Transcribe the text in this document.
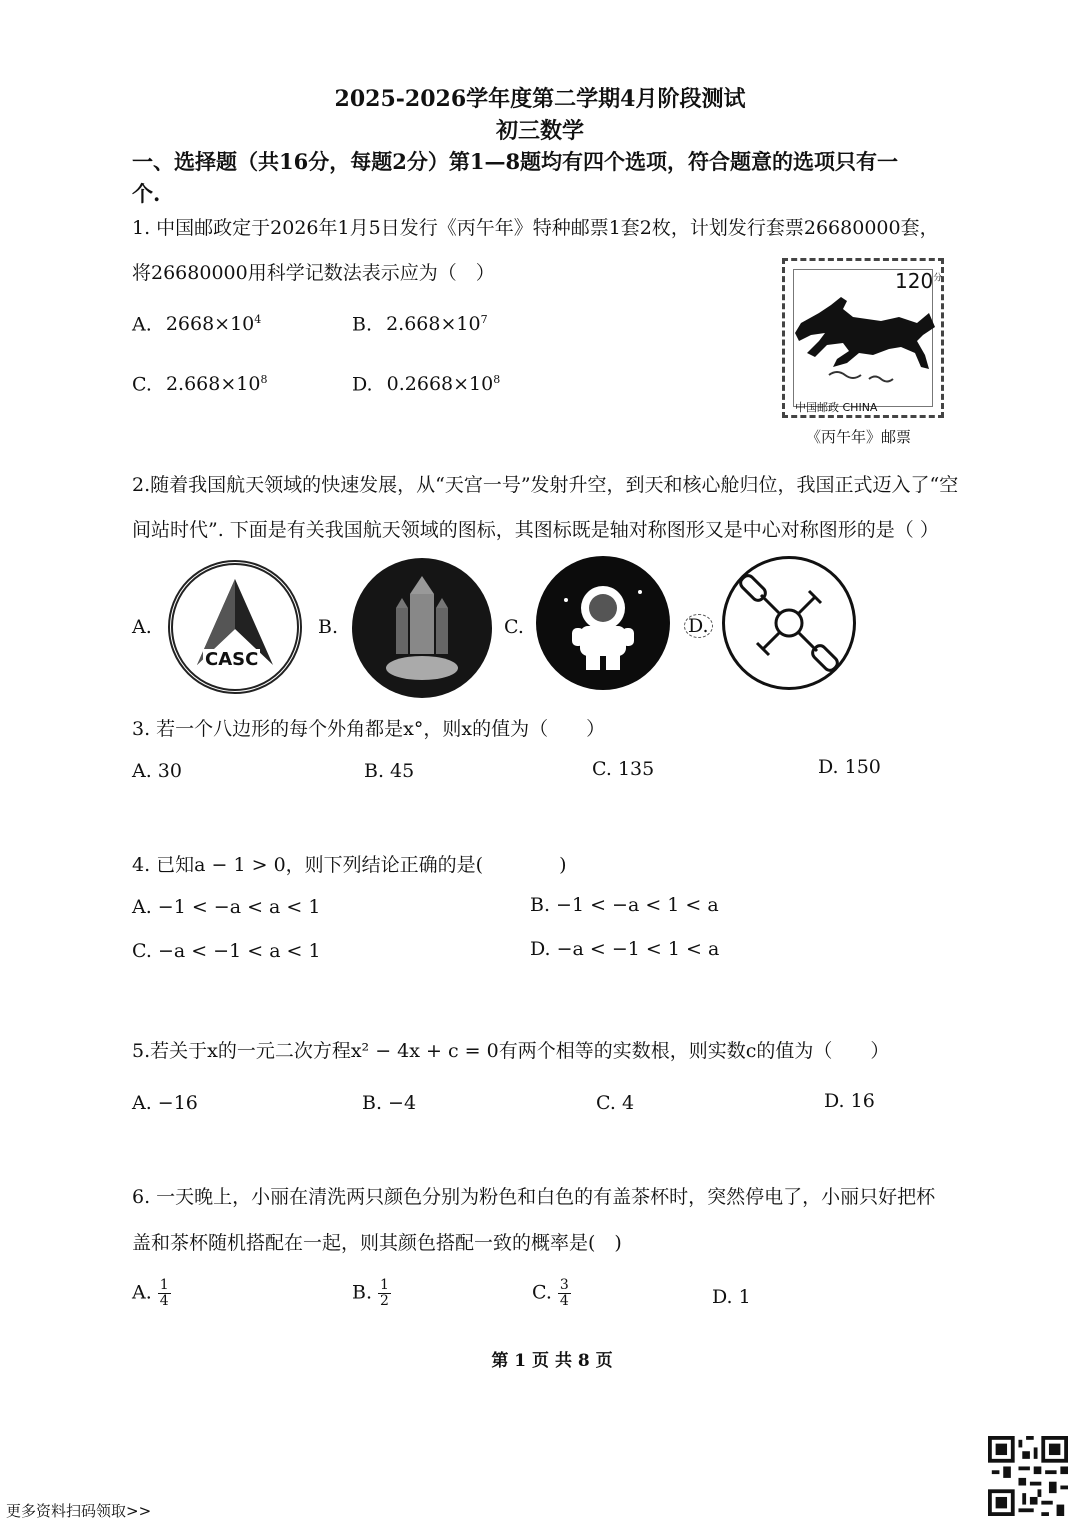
2025-2026学年度第二学期4月阶段测试
初三数学
一、选择题（共16分，每题2分）第1—8题均有四个选项，符合题意的选项只有一
个.
1. 中国邮政定于2026年1月5日发行《丙午年》特种邮票1套2枚，计划发行套票26680000套，
将26680000用科学记数法表示应为（　）
A. $2668\times 10^4$	B. $2.668\times 10^7$
C. $2.668\times 10^8$	D. $0.2668\times 10^8$
$120^分$
中国邮政 CHINA
《丙午年》邮票
2.随着我国航天领域的快速发展，从“天宫一号”发射升空，到天和核心舱归位，我国正式迈入了“空
间站时代”. 下面是有关我国航天领域的图标，其图标既是轴对称图形又是中心对称图形的是（ ）
A.
CASC
B.	C.	D.
3. 若一个八边形的每个外角都是x°，则x的值为（　　）
A. 30	B. 45	C. 135	D. 150
4. 已知a − 1 > 0，则下列结论正确的是(　　　　)
A. −1 < −a < a < 1	B. −1 < −a < 1 < a
C. −a < −1 < a < 1	D. −a < −1 < 1 < a
5.若关于x的一元二次方程x² − 4x + c = 0有两个相等的实数根，则实数c的值为（　　）
A. −16	B. −4	C. 4	D. 16
6. 一天晚上，小丽在清洗两只颜色分别为粉色和白色的有盖茶杯时，突然停电了，小丽只好把杯
盖和茶杯随机搭配在一起，则其颜色搭配一致的概率是(　)
A. $\frac{1}{4}$	B. $\frac{1}{2}$	C. $\frac{3}{4}$	D. 1
第 1 页 共 8 页
更多资料扫码领取>>
